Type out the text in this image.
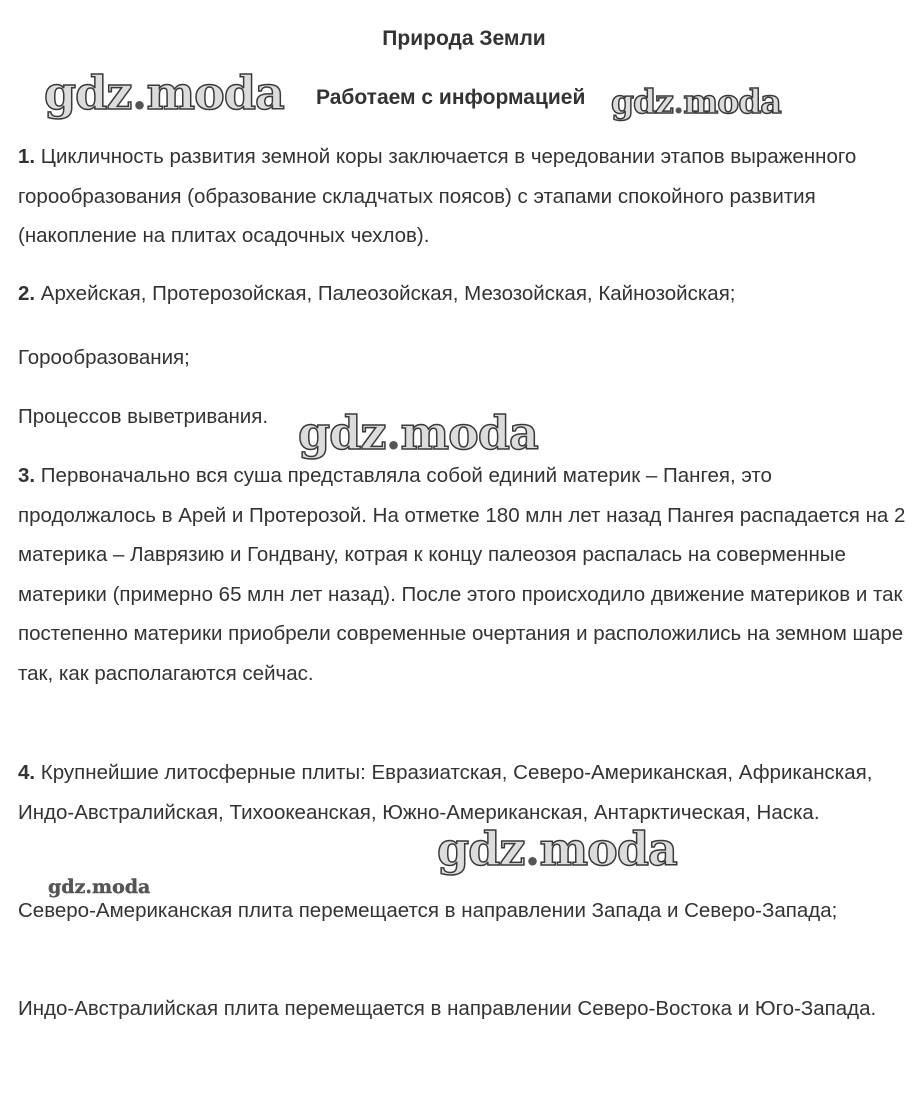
Природа Земли
gdz.moda Работаем с информацией gdz.moda

1. Цикличность развития земной коры заключается в чередовании этапов выраженного горообразования (образование складчатых поясов) с этапами спокойного развития (накопление на плитах осадочных чехлов).

2. Архейская, Протерозойская, Палеозойская, Мезозойская, Кайнозойская;

Горообразования;

Процессов выветривания. gdz.moda

3. Первоначально вся суша представляла собой единий материк – Пангея, это продолжалось в Арей и Протерозой. На отметке 180 млн лет назад Пангея распадается на 2 материка – Лаврязию и Гондвану, котрая к концу палеозоя распалась на соверменные материки (примерно 65 млн лет назад). После этого происходило движение материков и так постепенно материки приобрели современные очертания и расположились на земном шаре так, как располагаются сейчас.

4. Крупнейшие литосферные плиты: Евразиатская, Северо-Американская, Африканская, Индо-Австралийская, Тихоокеанская, Южно-Американская, Антарктическая, Наска.

gdz.moda
gdz.moda

Северо-Американская плита перемещается в направлении Запада и Северо-Запада;

Индо-Австралийская плита перемещается в направлении Северо-Востока и Юго-Запада.
